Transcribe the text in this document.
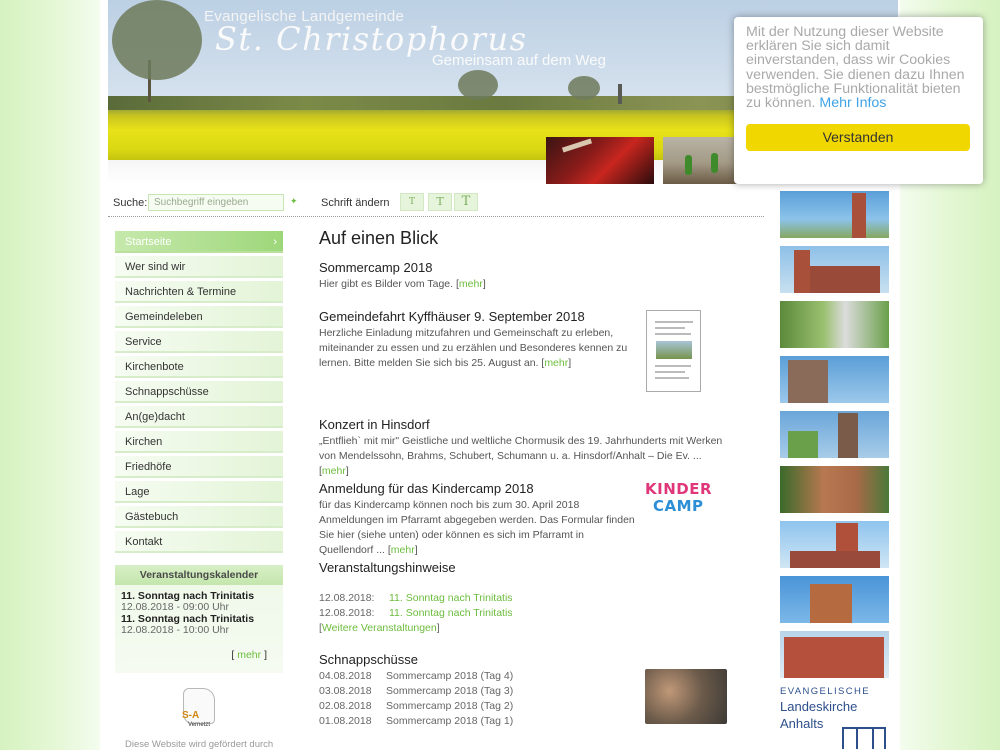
Evangelische Landgemeinde
St. Christophorus
Gemeinsam auf dem Weg
Suche: Suchbegriff eingeben	✦ Schrift ändern	T	T	T
Startseite ›
Wer sind wir
Nachrichten & Termine
Gemeindeleben
Service
Kirchenbote
Schnappschüsse
An(ge)dacht
Kirchen
Friedhöfe
Lage
Gästebuch
Kontakt
Veranstaltungskalender
11. Sonntag nach Trinitatis
12.08.2018 - 09:00 Uhr
11. Sonntag nach Trinitatis
12.08.2018 - 10:00 Uhr
[ mehr ]
S-A
Vernetzt
Diese Website wird gefördert durch
Auf einen Blick
Sommercamp 2018
Hier gibt es Bilder vom Tage. [mehr]
Gemeindefahrt Kyffhäuser 9. September 2018
Herzliche Einladung mitzufahren und Gemeinschaft zu erleben, miteinander zu essen und zu erzählen und Besonderes kennen zu lernen. Bitte melden Sie sich bis 25. August an. [mehr]
Konzert in Hinsdorf
„Entflieh` mit mir" Geistliche und weltliche Chormusik des 19. Jahrhunderts mit Werken von Mendelssohn, Brahms, Schubert, Schumann u. a. Hinsdorf/Anhalt – Die Ev. ... [mehr]
Anmeldung für das Kindercamp 2018
für das Kindercamp können noch bis zum 30. April 2018 Anmeldungen im Pfarramt abgegeben werden. Das Formular finden Sie hier (siehe unten) oder können es sich im Pfarramt in Quellendorf ... [mehr]
KINDER
CAMP
Veranstaltungshinweise
12.08.2018: 11. Sonntag nach Trinitatis
12.08.2018: 11. Sonntag nach Trinitatis
[Weitere Veranstaltungen]
Schnappschüsse
04.08.2018 Sommercamp 2018 (Tag 4)
03.08.2018 Sommercamp 2018 (Tag 3)
02.08.2018 Sommercamp 2018 (Tag 2)
01.08.2018 Sommercamp 2018 (Tag 1)
EVANGELISCHE
Landeskirche
Anhalts

Mit der Nutzung dieser Website erklären Sie sich damit einverstanden, dass wir Cookies verwenden. Sie dienen dazu Ihnen bestmögliche Funktionalität bieten zu können. Mehr Infos

Verstanden
